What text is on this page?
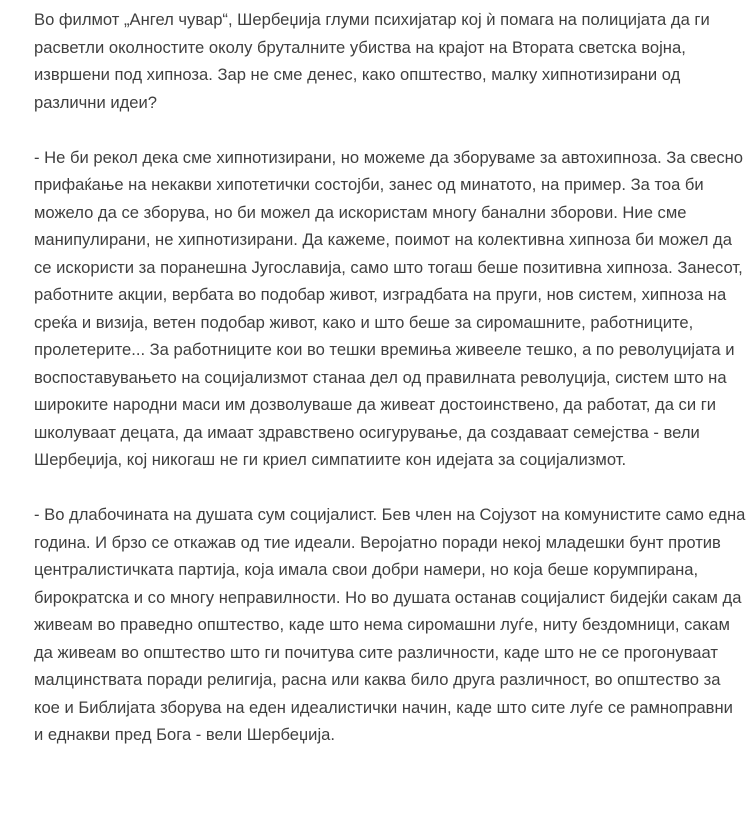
Во филмот „Ангел чувар“, Шербеџија глуми психијатар кој ѝ помага на полицијата да ги расветли околностите околу бруталните убиства на крајот на Втората светска војна, извршени под хипноза. Зар не сме денес, како општество, малку хипнотизирани од различни идеи?

- Не би рекол дека сме хипнотизирани, но можеме да зборуваме за автохипноза. За свесно прифаќање на некакви хипотетички состојби, занес од минатото, на пример. За тоа би можело да се зборува, но би можел да искористам многу банални зборови. Ние сме манипулирани, не хипнотизирани. Да кажеме, поимот на колективна хипноза би можел да се искористи за поранешна Југославија, само што тогаш беше позитивна хипноза. Занесот, работните акции, вербата во подобар живот, изградбата на пруги, нов систем, хипноза на среќа и визија, ветен подобар живот, како и што беше за сиромашните, работниците, пролетерите... За работниците кои во тешки времиња живееле тешко, а по револуцијата и воспоставувањето на социјализмот станаа дел од правилната револуција, систем што на широките народни маси им дозволуваше да живеат достоинствено, да работат, да си ги школуваат децата, да имаат здравствено осигурување, да создаваат семејства - вели Шербеџија, кој никогаш не ги криел симпатиите кон идејата за социјализмот.

- Во длабочината на душата сум социјалист. Бев член на Сојузот на комунистите само една година. И брзо се откажав од тие идеали. Веројатно поради некој младешки бунт против централистичката партија, која имала свои добри намери, но која беше корумпирана, бирократска и со многу неправилности. Но во душата останав социјалист бидејќи сакам да живеам во праведно општество, каде што нема сиромашни луѓе, ниту бездомници, сакам да живеам во општество што ги почитува сите различности, каде што не се прогонуваат малцинствата поради религија, расна или каква било друга различност, во општество за кое и Библијата зборува на еден идеалистички начин, каде што сите луѓе се рамноправни и еднакви пред Бога - вели Шербеџија.
